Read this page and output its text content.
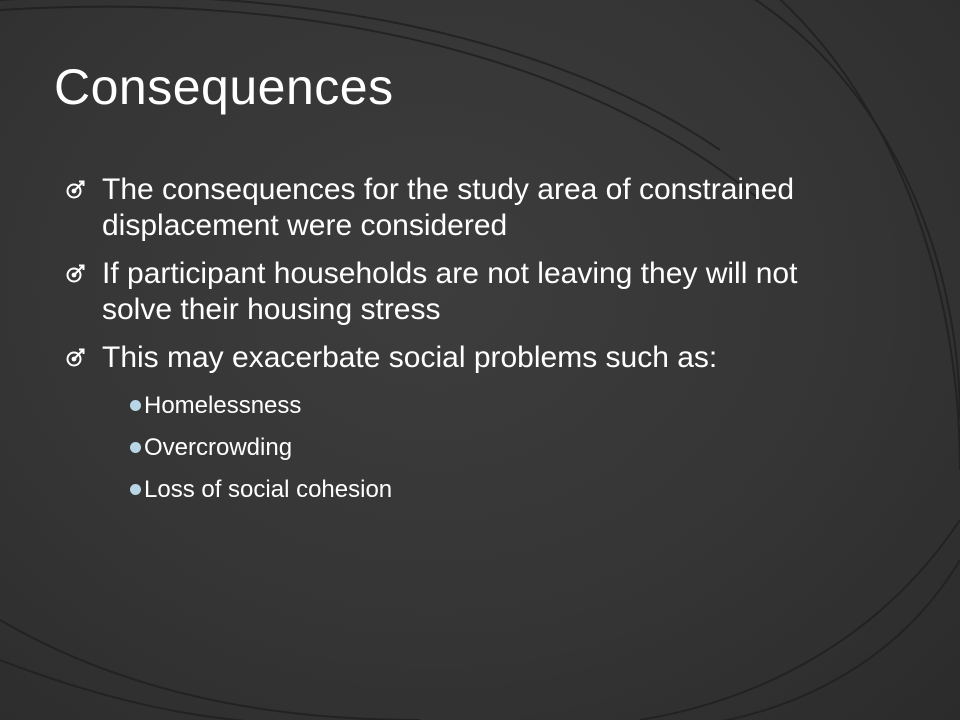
Consequences
The consequences for the study area of constrained displacement were considered
If participant households are not leaving they will not solve their housing stress
This may exacerbate social problems such as:
Homelessness
Overcrowding
Loss of social cohesion
